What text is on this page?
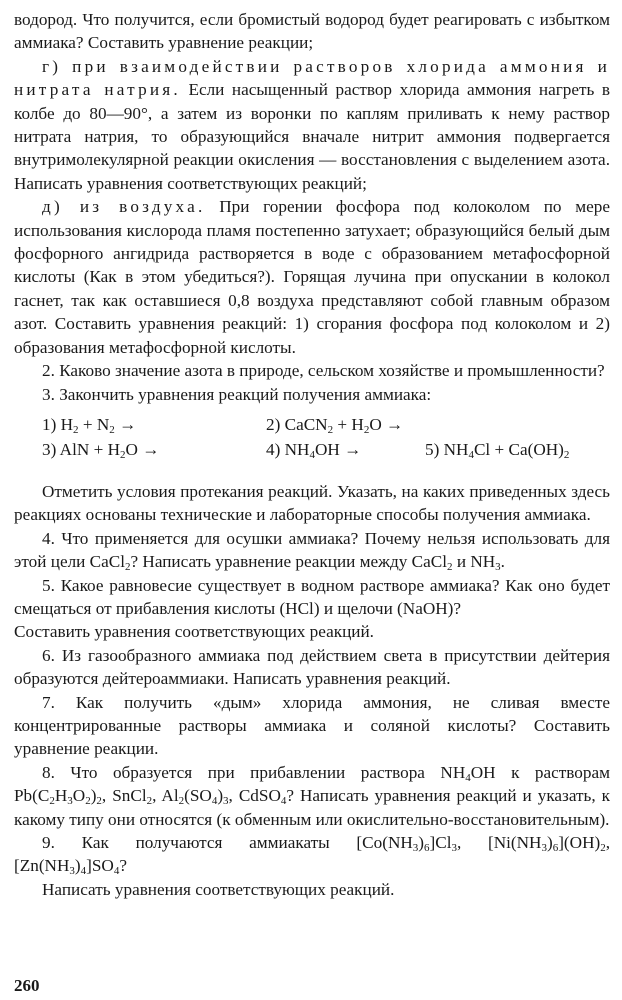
водород. Что получится, если бромистый водород будет реагировать с избытком аммиака? Составить уравнение реакции;

г) при взаимодействии растворов хлорида аммония и нитрата натрия. Если насыщенный раствор хлорида аммония нагреть в колбе до 80—90°, а затем из воронки по каплям приливать к нему раствор нитрата натрия, то образующийся вначале нитрит аммония подвергается внутримолекулярной реакции окисления — восстановления с выделением азота. Написать уравнения соответствующих реакций;

д) из воздуха. При горении фосфора под колоколом по мере использования кислорода пламя постепенно затухает; образующийся белый дым фосфорного ангидрида растворяется в воде с образованием метафосфорной кислоты (Как в этом убедиться?). Горящая лучина при опускании в колокол гаснет, так как оставшиеся 0,8 воздуха представляют собой главным образом азот. Составить уравнения реакций: 1) сгорания фосфора под колоколом и 2) образования метафосфорной кислоты.

2. Каково значение азота в природе, сельском хозяйстве и промышленности?

3. Закончить уравнения реакций получения аммиака:

1) $H_2 + N_2$ →	2) CaCN$_2$ + $H_2O$ →
3) AlN + $H_2O$ →	4) $NH_4OH$ →	5) $NH_4Cl + Ca(OH)_2$

Отметить условия протекания реакций. Указать, на каких приведенных здесь реакциях основаны технические и лабораторные способы получения аммиака.

4. Что применяется для осушки аммиака? Почему нельзя использовать для этой цели CaCl$_2$? Написать уравнение реакции между CaCl$_2$ и $NH_3$.

5. Какое равновесие существует в водном растворе аммиака? Как оно будет смещаться от прибавления кислоты (HCl) и щелочи (NaOH)?

Составить уравнения соответствующих реакций.

6. Из газообразного аммиака под действием света в присутствии дейтерия образуются дейтероаммиаки. Написать уравнения реакций.

7. Как получить «дым» хлорида аммония, не сливая вместе концентрированные растворы аммиака и соляной кислоты? Составить уравнение реакции.

8. Что образуется при прибавлении раствора $NH_4OH$ к растворам $Pb(C_2H_3O_2)_2$, SnCl$_2$, $Al_2(SO_4)_3$, CdSO$_4$? Написать уравнения реакций и указать, к какому типу они относятся (к обменным или окислительно-восстановительным).

9. Как получаются аммиакаты $[Co(NH_3)_6]Cl_3$, $[Ni(NH_3)_6](OH)_2$, $[Zn(NH_3)_4]SO_4$?

Написать уравнения соответствующих реакций.

260
